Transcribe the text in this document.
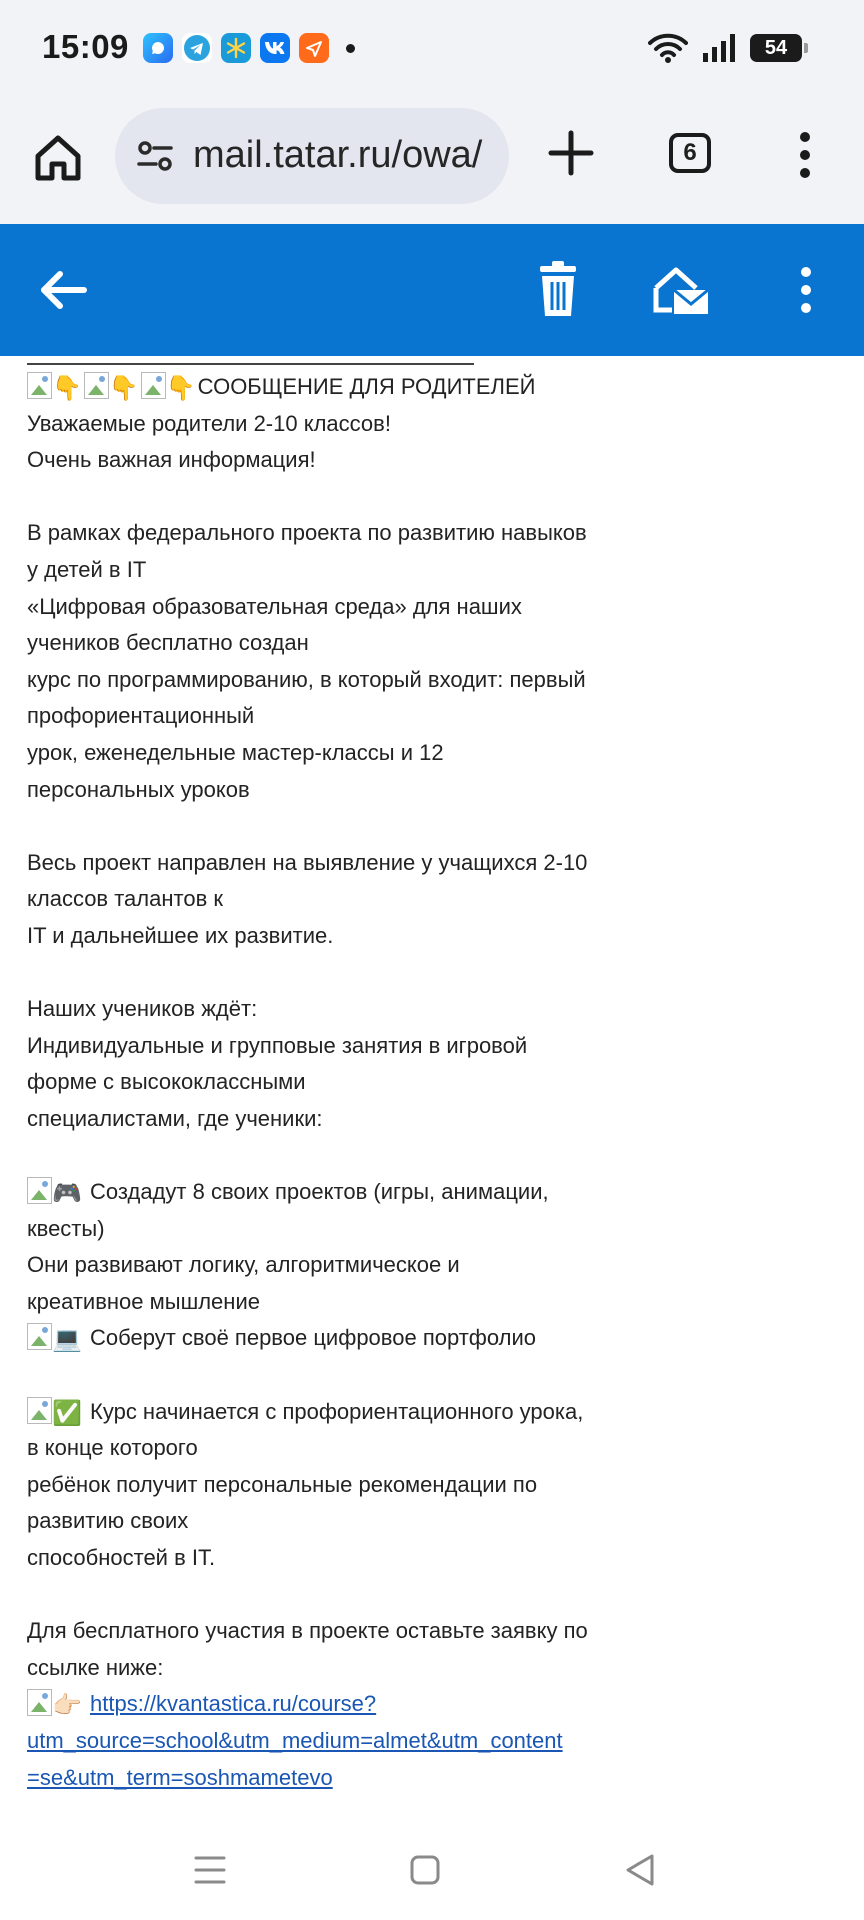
15:09	54
mail.tatar.ru/owa/	6
👇 👇 👇СООБЩЕНИЕ ДЛЯ РОДИТЕЛЕЙ
Уважаемые родители 2-10 классов!
Очень важная информация!
В рамках федерального проекта по развитию навыков
у детей в IT
«Цифровая образовательная среда» для наших
учеников бесплатно создан
курс по программированию, в который входит: первый
профориентационный
урок, еженедельные мастер-классы и 12
персональных уроков
Весь проект направлен на выявление у учащихся 2-10
классов талантов к
IT и дальнейшее их развитие.
Наших учеников ждёт:
Индивидуальные и групповые занятия в игровой
форме с высококлассными
специалистами, где ученики:
🎮 Создадут 8 своих проектов (игры, анимации,
квесты)
Они развивают логику, алгоритмическое и
креативное мышление
💻 Соберут своё первое цифровое портфолио
✅ Курс начинается с профориентационного урока,
в конце которого
ребёнок получит персональные рекомендации по
развитию своих
способностей в IT.
Для бесплатного участия в проекте оставьте заявку по
ссылке ниже:
👉🏻 https://kvantastica.ru/course?
utm_source=school&utm_medium=almet&utm_content
=se&utm_term=soshmametevo
